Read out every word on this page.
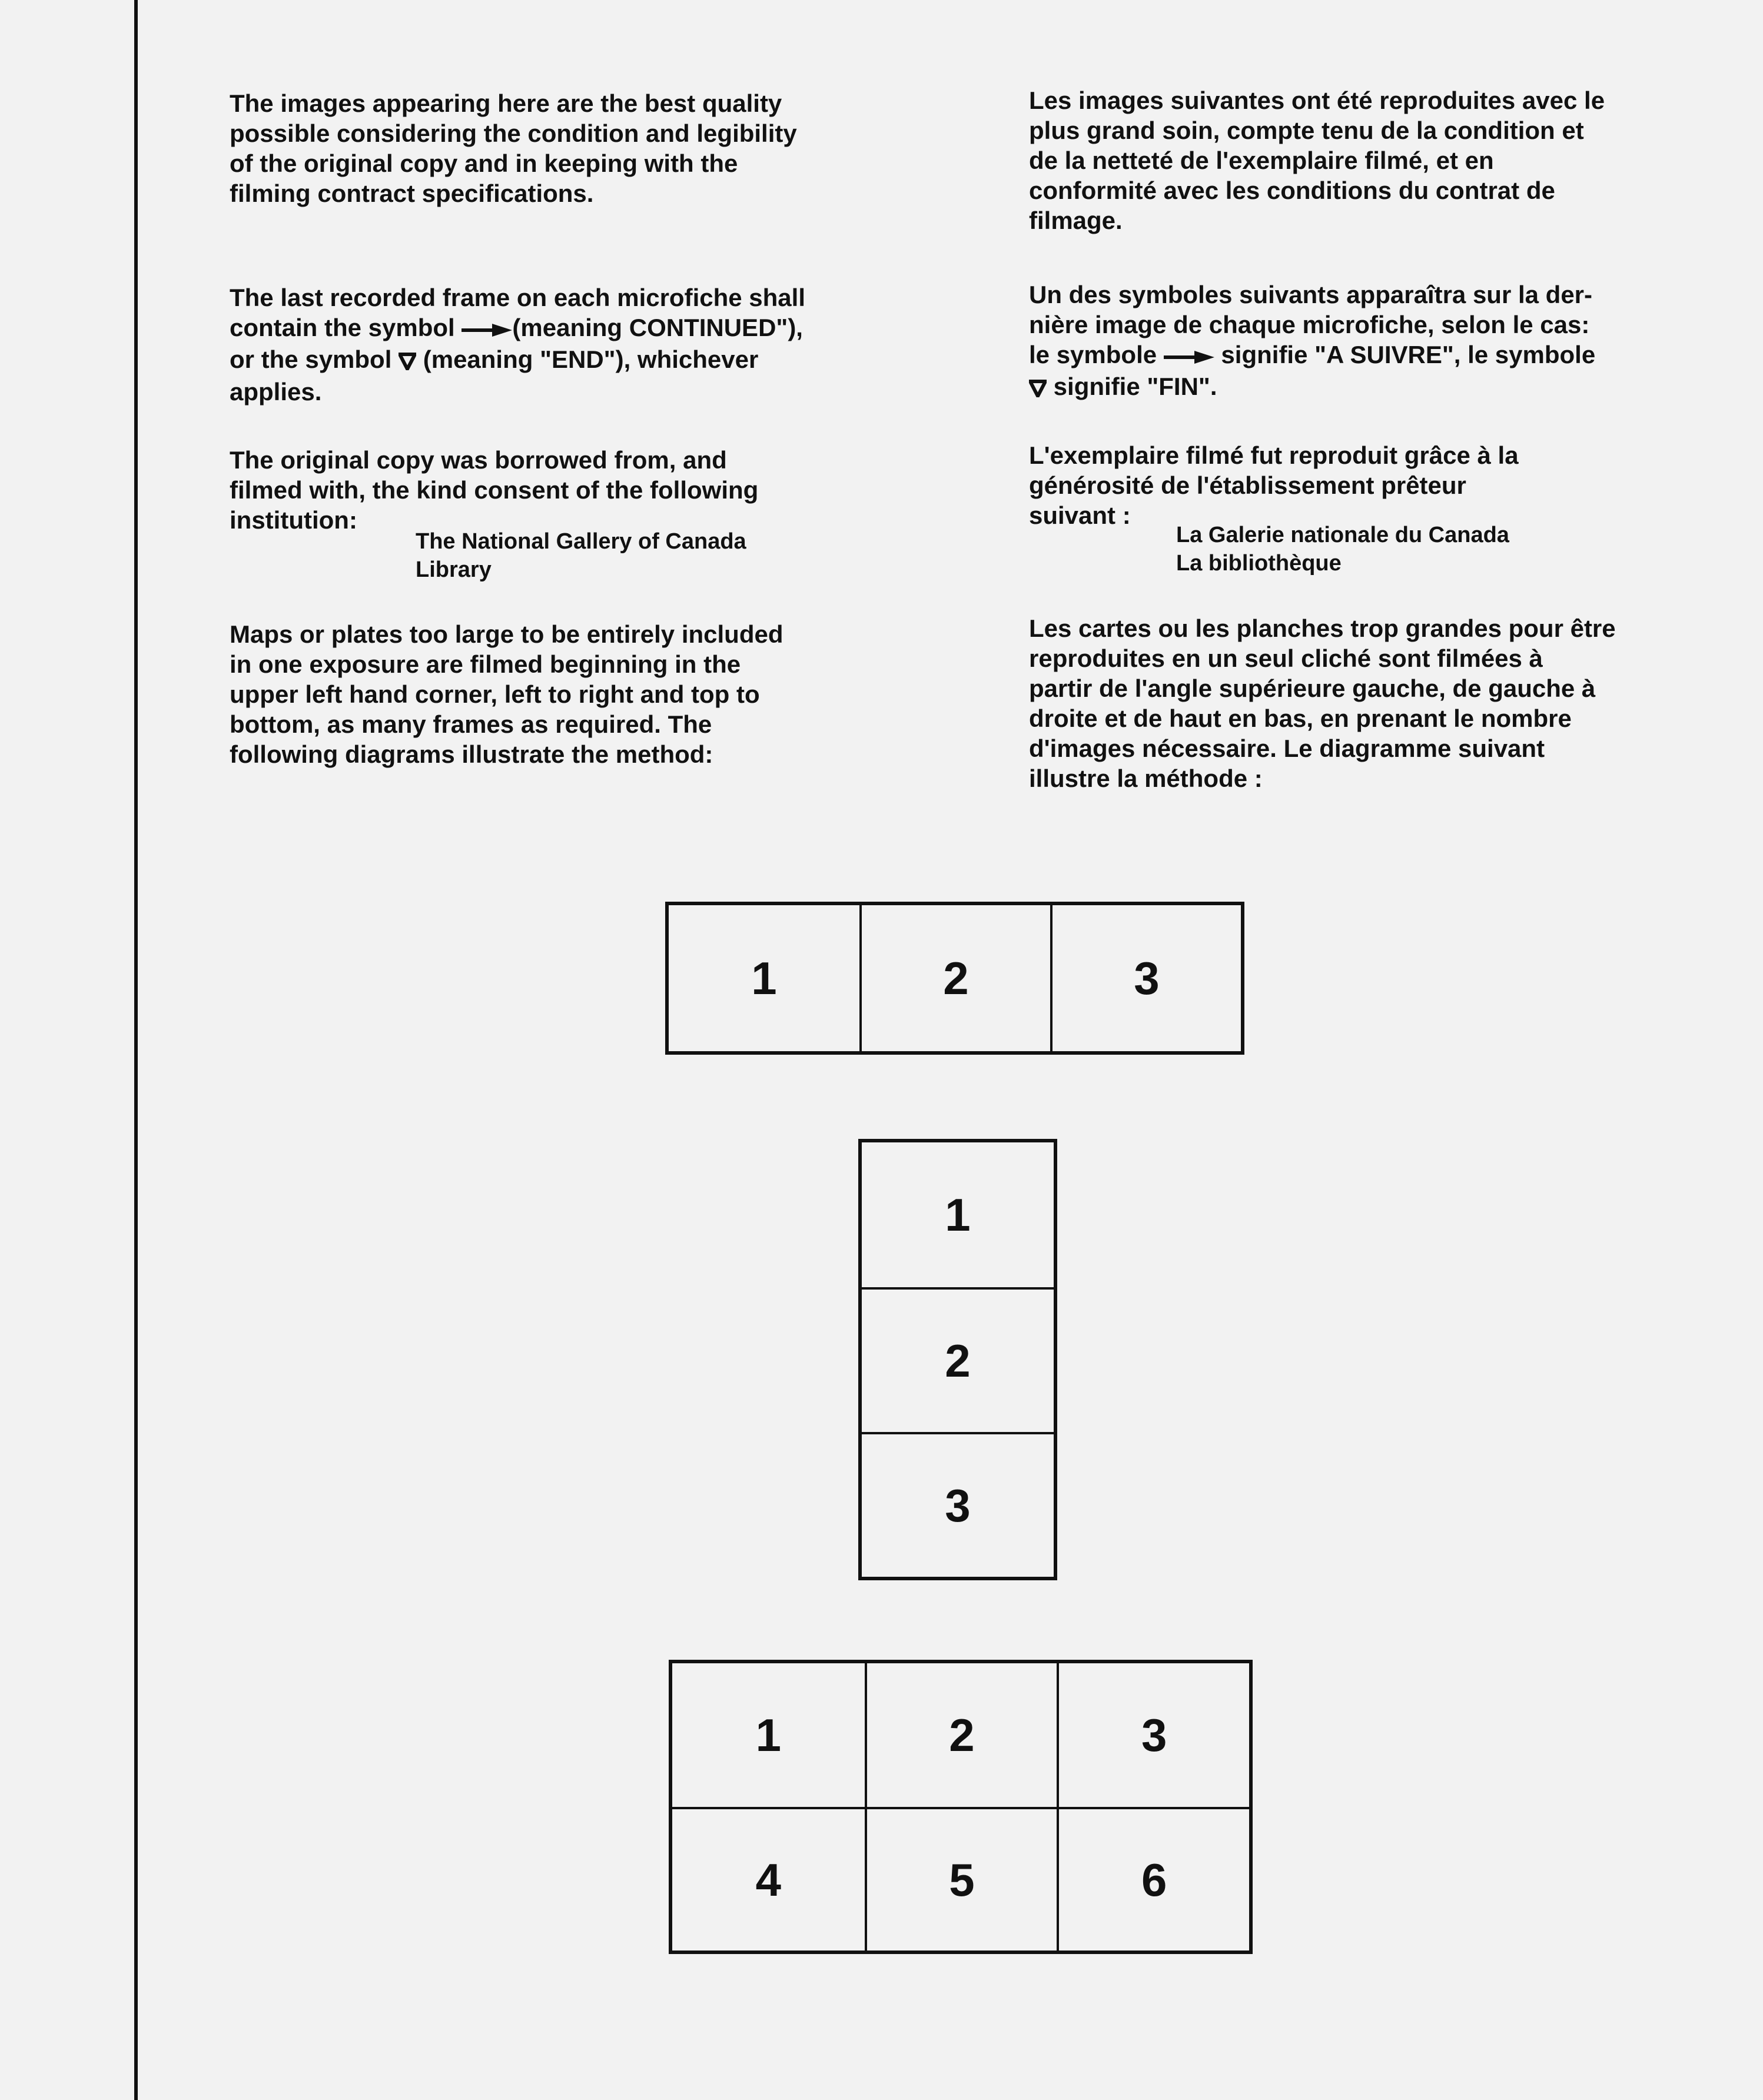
The images appearing here are the best quality
possible considering the condition and legibility
of the original copy and in keeping with the
filming contract specifications.
The last recorded frame on each microfiche shall
contain the symbol (meaning CONTINUED"),
or the symbol  (meaning "END"), whichever
applies.
The original copy was borrowed from, and
filmed with, the kind consent of the following
institution:
The National Gallery of Canada
Library
Maps or plates too large to be entirely included
in one exposure are filmed beginning in the
upper left hand corner, left to right and top to
bottom, as many frames as required. The
following diagrams illustrate the method:
Les images suivantes ont été reproduites avec le
plus grand soin, compte tenu de la condition et
de la netteté de l'exemplaire filmé, et en
conformité avec les conditions du contrat de
filmage.
Un des symboles suivants apparaîtra sur la der-
nière image de chaque microfiche, selon le cas:
le symbole	signifie "A SUIVRE", le symbole
signifie "FIN".
L'exemplaire filmé fut reproduit grâce à la
générosité de l'établissement prêteur
suivant :
La Galerie nationale du Canada
La bibliothèque
Les cartes ou les planches trop grandes pour être
reproduites en un seul cliché sont filmées à
partir de l'angle supérieure gauche, de gauche à
droite et de haut en bas, en prenant le nombre
d'images nécessaire. Le diagramme suivant
illustre la méthode :
1	2	3
1
2
3
1	2	3
4	5	6
